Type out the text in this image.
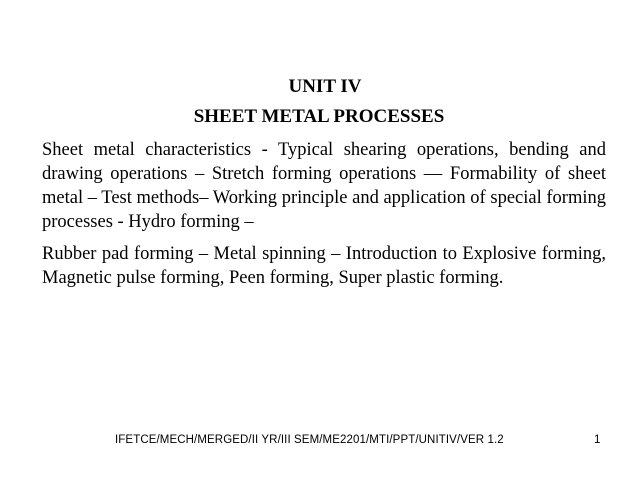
UNIT IV
SHEET METAL PROCESSES

Sheet metal characteristics - Typical shearing operations, bending and drawing operations – Stretch forming operations –– Formability of sheet metal – Test methods– Working principle and application of special forming processes - Hydro forming –

Rubber pad forming – Metal spinning – Introduction to Explosive forming, Magnetic pulse forming, Peen forming, Super plastic forming.

IFETCE/MECH/MERGED/II YR/III SEM/ME2201/MTI/PPT/UNITIV/VER 1.2	1
